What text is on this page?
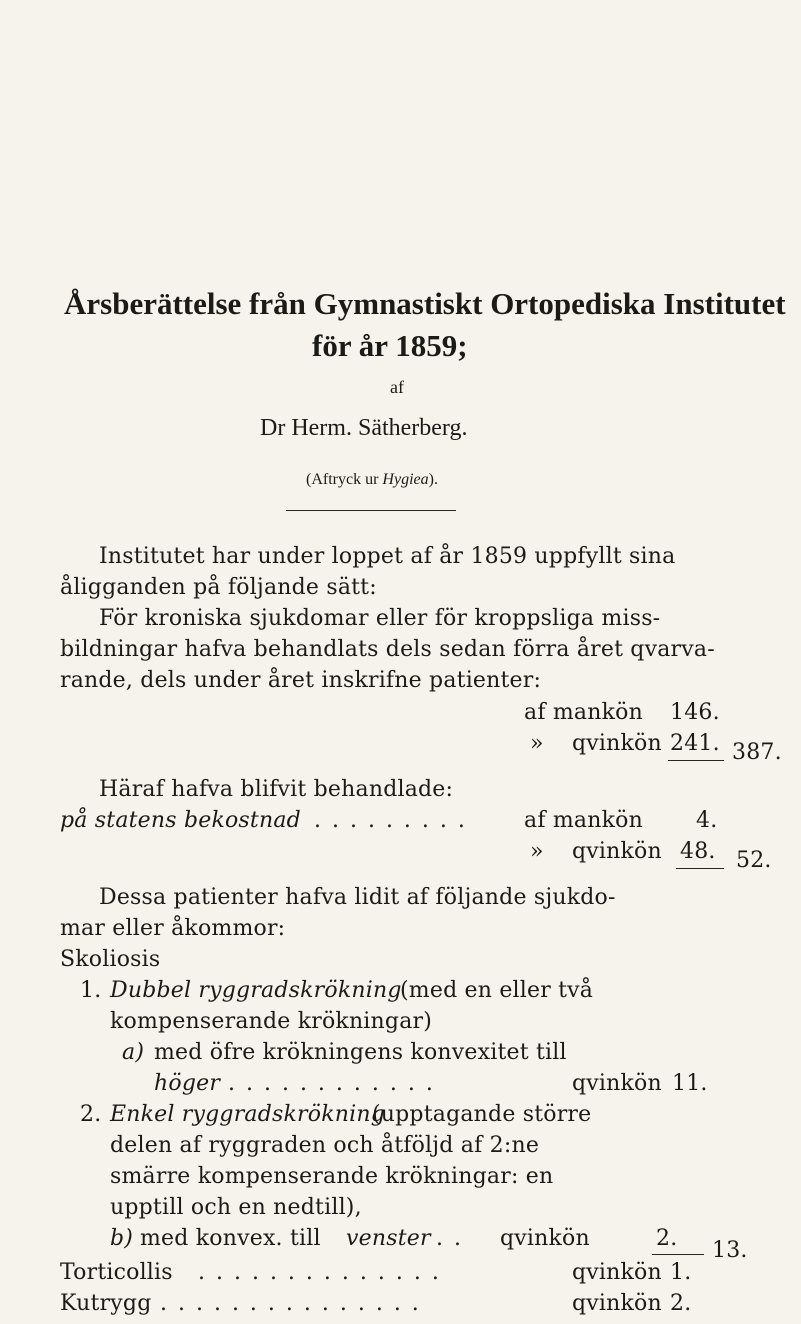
Årsberättelse från Gymnastiskt Ortopediska Institutet
för år 1859;
af
Dr Herm. Sätherberg.
(Aftryck ur Hygiea).
Institutet har under loppet af år 1859 uppfyllt sina
åligganden på följande sätt:
För kroniska sjukdomar eller för kroppsliga miss-
bildningar hafva behandlats dels sedan förra året qvarva-
rande, dels under året inskrifne patienter:
af mankön 146.
» qvinkön 241. 387.
Häraf hafva blifvit behandlade:
på statens bekostnad . . . . . . . . .	af mankön 4.
» qvinkön 48. 52.
Dessa patienter hafva lidit af följande sjukdo-
mar eller åkommor:
Skoliosis
1. Dubbel ryggradskrökning
(med en eller två
kompenserande krökningar)
a) med öfre krökningens konvexitet till
höger . . . . . . . . . . . .	qvinkön 11.
2. Enkel ryggradskrökning
(upptagande större
delen af ryggraden och åtföljd af 2:ne
smärre kompenserande krökningar: en
upptill och en nedtill),
b) med konvex. till venster . . qvinkön	2. 13.
Torticollis . . . . . . . . . . . . . .	qvinkön 1.
Kutrygg . . . . . . . . . . . . . . .	qvinkön 2.
